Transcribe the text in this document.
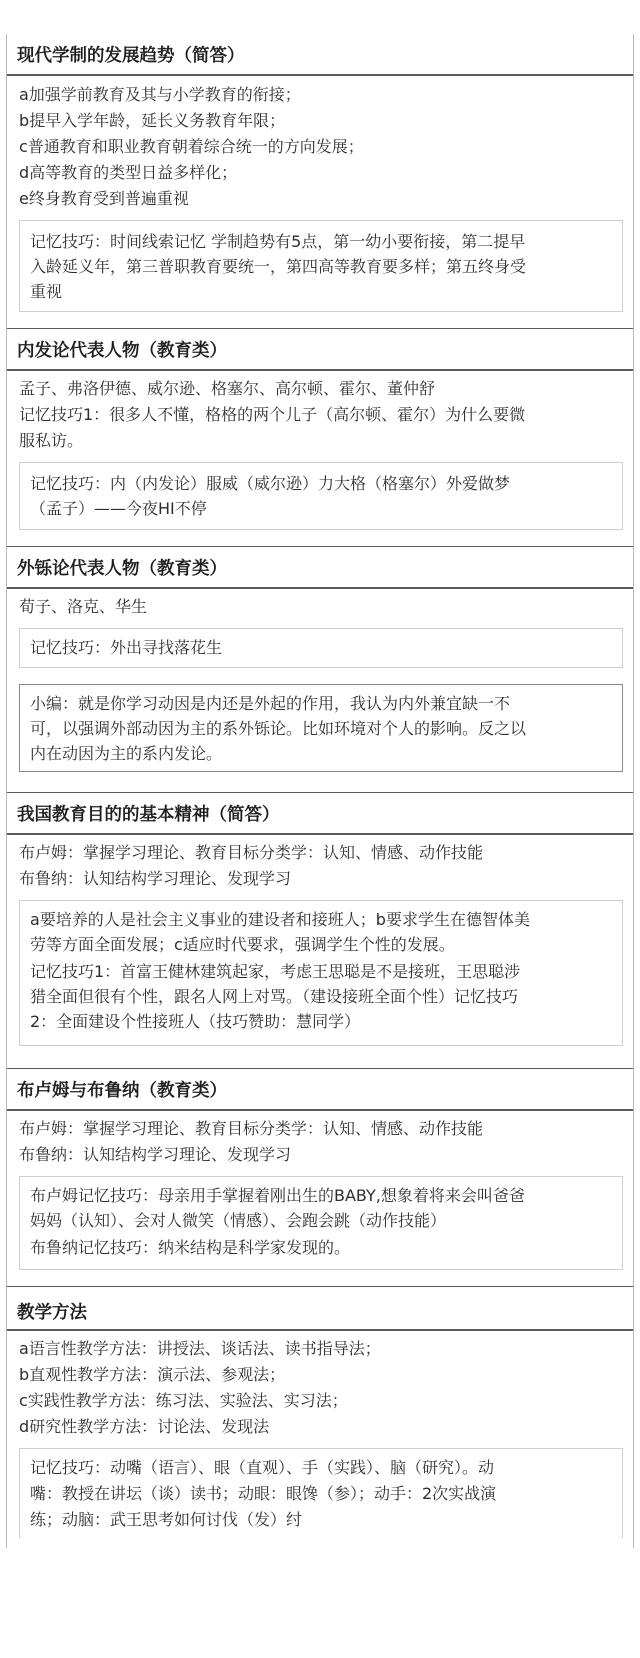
现代学制的发展趋势（简答）
a加强学前教育及其与小学教育的衔接；
b提早入学年龄，延长义务教育年限；
c普通教育和职业教育朝着综合统一的方向发展；
d高等教育的类型日益多样化；
e终身教育受到普遍重视
记忆技巧：时间线索记忆 学制趋势有5点，第一幼小要衔接，第二提早
入龄延义年，第三普职教育要统一，第四高等教育要多样；第五终身受
重视
内发论代表人物（教育类）
孟子、弗洛伊德、威尔逊、格塞尔、高尔顿、霍尔、董仲舒
记忆技巧1：很多人不懂，格格的两个儿子（高尔顿、霍尔）为什么要微
服私访。
记忆技巧：内（内发论）服威（威尔逊）力大格（格塞尔）外爱做梦
（孟子）——今夜HI不停
外铄论代表人物（教育类）
荀子、洛克、华生
记忆技巧：外出寻找落花生
小编：就是你学习动因是内还是外起的作用，我认为内外兼宜缺一不
可，以强调外部动因为主的系外铄论。比如环境对个人的影响。反之以
内在动因为主的系内发论。
我国教育目的的基本精神（简答）
布卢姆：掌握学习理论、教育目标分类学：认知、情感、动作技能
布鲁纳：认知结构学习理论、发现学习
a要培养的人是社会主义事业的建设者和接班人；b要求学生在德智体美
劳等方面全面发展；c适应时代要求，强调学生个性的发展。
记忆技巧1：首富王健林建筑起家，考虑王思聪是不是接班，王思聪涉
猎全面但很有个性，跟名人网上对骂。（建设接班全面个性）记忆技巧
2：全面建设个性接班人（技巧赞助：慧同学）
布卢姆与布鲁纳（教育类）
布卢姆：掌握学习理论、教育目标分类学：认知、情感、动作技能
布鲁纳：认知结构学习理论、发现学习
布卢姆记忆技巧：母亲用手掌握着刚出生的BABY,想象着将来会叫爸爸
妈妈（认知）、会对人微笑（情感）、会跑会跳（动作技能）
布鲁纳记忆技巧：纳米结构是科学家发现的。
教学方法
a语言性教学方法：讲授法、谈话法、读书指导法；
b直观性教学方法：演示法、参观法；
c实践性教学方法：练习法、实验法、实习法；
d研究性教学方法：讨论法、发现法
记忆技巧：动嘴（语言）、眼（直观）、手（实践）、脑（研究）。动
嘴：教授在讲坛（谈）读书；动眼：眼馋（参）；动手：2次实战演
练；动脑：武王思考如何讨伐（发）纣
